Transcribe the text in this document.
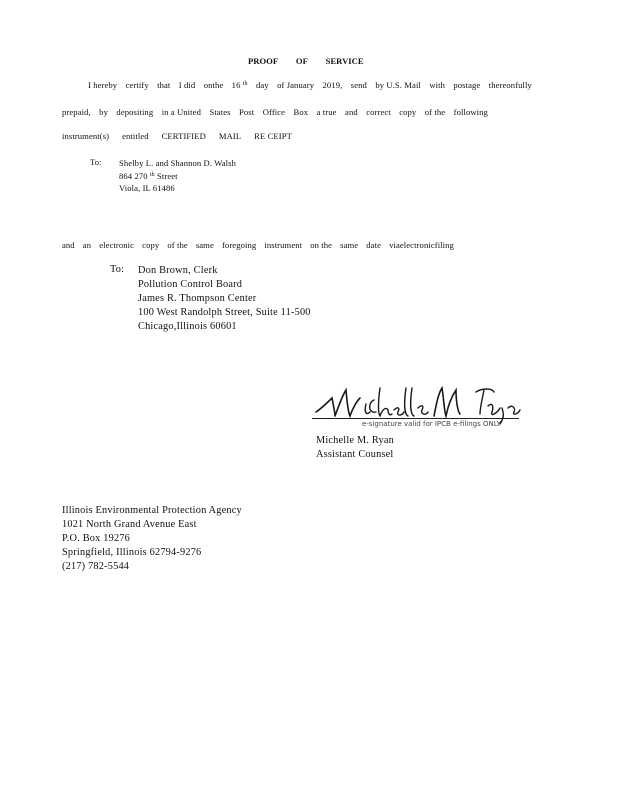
PROOF OF SERVICE
I hereby certify that I did onthe 16 $^{th}$ day of January 2019, send by U.S. Mail with postage thereonfully
prepaid, by depositing in a United States Post Office Box a true and correct copy of the following
instrument(s) entitled CERTIFIED MAIL RE CEIPT
To: Shelby L. and Shannon D. Walsh
864 270 $^{th}$ Street
Viola, IL 61486
and an electronic copy of the same foregoing instrument on the same date viaelectronicfiling
To: Don Brown, Clerk
Pollution Control Board
James R. Thompson Center
100 West Randolph Street, Suite 11-500
Chicago,Illinois 60601
e-signature valid for IPCB e-filings ONLY
Michelle M. Ryan
Assistant Counsel
Illinois Environmental Protection Agency
1021 North Grand Avenue East
P.O. Box 19276
Springfield, Illinois 62794-9276
(217) 782-5544
